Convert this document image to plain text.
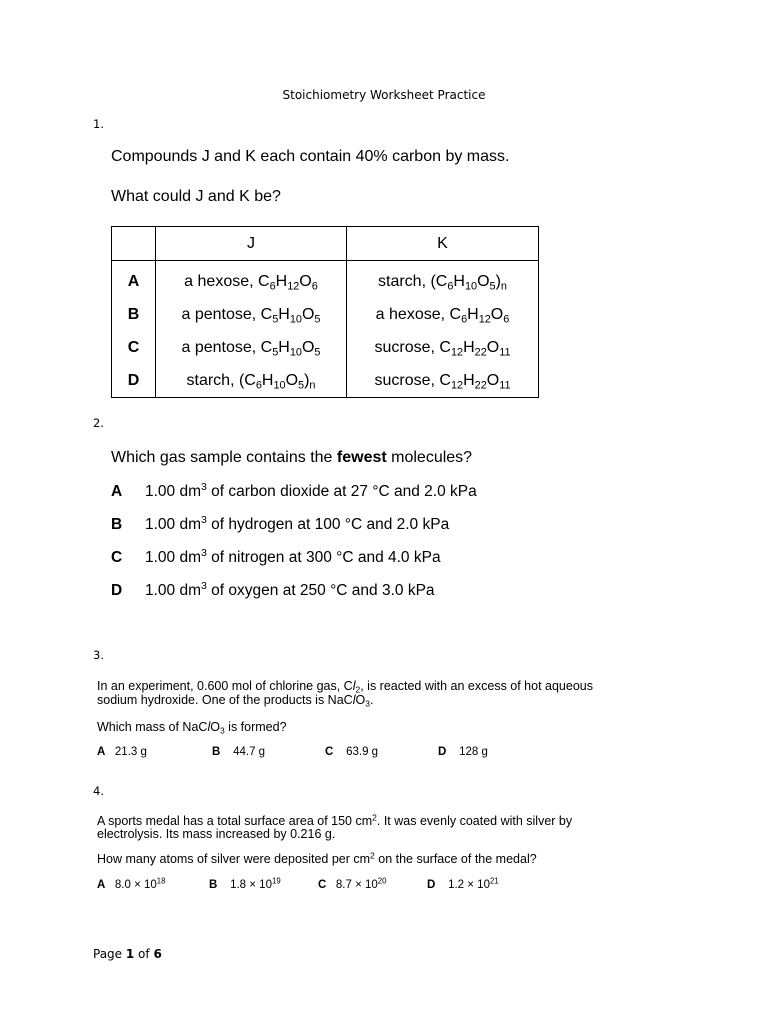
Stoichiometry Worksheet Practice
1.
Compounds J and K each contain 40% carbon by mass.
What could J and K be?
	J	K
A	a hexose, $C_6H_{12}O_6$	starch, $(C_6H_{10}O_5)_n$
B	a pentose, $C_5H_{10}O_5$	a hexose, $C_6H_{12}O_6$
C	a pentose, $C_5H_{10}O_5$	sucrose, $C_{12}H_{22}O_{11}$
D	starch, $(C_6H_{10}O_5)_n$	sucrose, $C_{12}H_{22}O_{11}$
2.
Which gas sample contains the fewest molecules?
A 1.00 $dm^3$ of carbon dioxide at 27 °C and 2.0 kPa
B 1.00 $dm^3$ of hydrogen at 100 °C and 2.0 kPa
C 1.00 $dm^3$ of nitrogen at 300 °C and 4.0 kPa
D 1.00 $dm^3$ of oxygen at 250 °C and 3.0 kPa
3.
In an experiment, 0.600 mol of chlorine gas, $Cl_2$, is reacted with an excess of hot aqueous
sodium hydroxide. One of the products is NaClO$_3$.
Which mass of NaClO$_3$ is formed?
A 21.3 g	B 44.7 g	C 63.9 g	D 128 g
4.
A sports medal has a total surface area of 150 $cm^2$. It was evenly coated with silver by
electrolysis. Its mass increased by 0.216 g.
How many atoms of silver were deposited per $cm^2$ on the surface of the medal?
A   $8.0 \times 10^{18}$	B    $1.8 \times 10^{19}$	C   $8.7 \times 10^{20}$	D    $1.2 \times 10^{21}$
Page 1 of 6
